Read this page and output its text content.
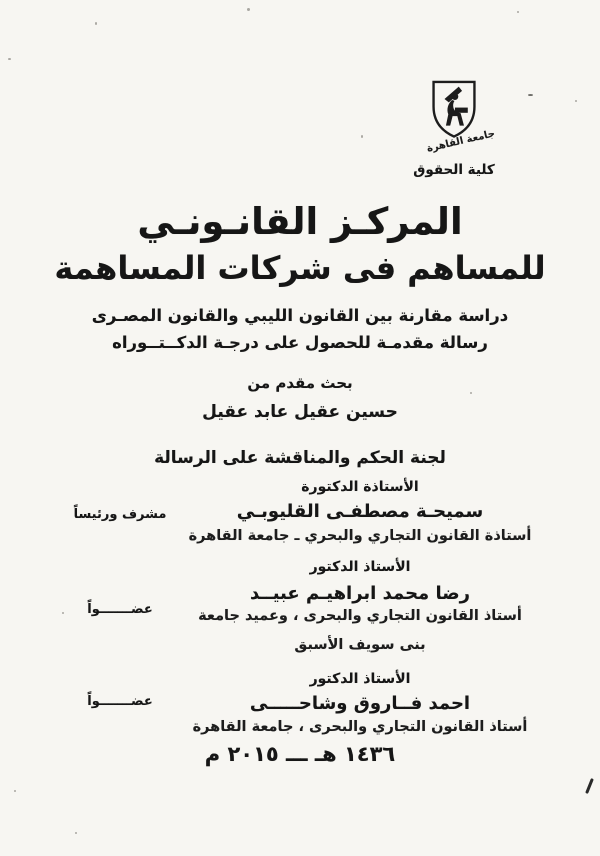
جامعة القاهرة
كلية الحقوق
المركـز القانـونـي
للمساهم فى شركات المساهمة
دراسة مقارنة بين القانون الليبي والقانون المصـرى
رسالة مقدمـة للحصول على درجـة الدكــتــوراه
بحث مقدم من
حسين عقيل عابد عقيل
لجنة الحكم والمناقشة على الرسالة
الأستاذة الدكتورة
سميحـة مصطفـى القليوبـي
أستاذة القانون التجاري والبحري ـ جامعة القاهرة
مشرف ورئيساً
الأستاذ الدكتور
رضا محمد ابراهيـم عبيــد
أستاذ القانون التجاري والبحرى ، وعميد جامعة
بنى سويف الأسبق
عضـــــــواً
الأستاذ الدكتور
احمد فــاروق وشاحـــــى
أستاذ القانون التجاري والبحرى ، جامعة القاهرة
عضـــــــواً
١٤٣٦ هـ ـــ ٢٠١٥ م
